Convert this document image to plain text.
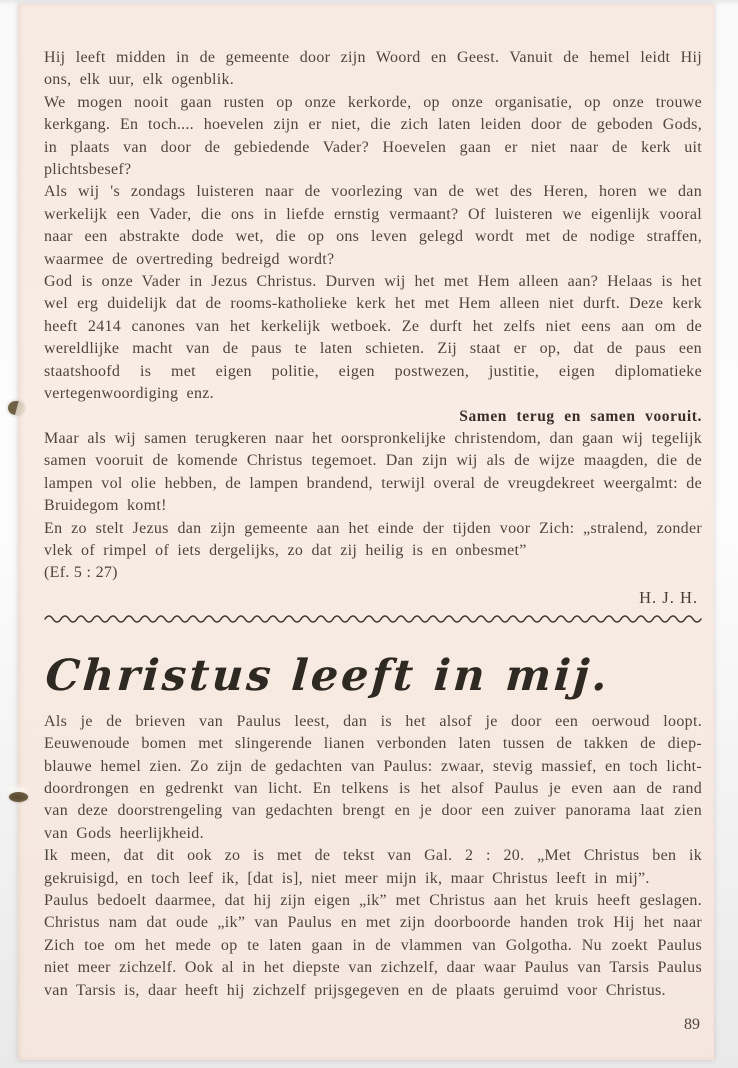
Hij leeft midden in de gemeente door zijn Woord en Geest. Vanuit de hemel leidt Hij ons, elk uur, elk ogenblik.

We mogen nooit gaan rusten op onze kerkorde, op onze organisatie, op onze trouwe kerkgang. En toch.... hoevelen zijn er niet, die zich laten leiden door de geboden Gods, in plaats van door de gebiedende Vader? Hoevelen gaan er niet naar de kerk uit plichtsbesef?

Als wij 's zondags luisteren naar de voorlezing van de wet des Heren, horen we dan werkelijk een Vader, die ons in liefde ernstig vermaant? Of luisteren we eigenlijk vooral naar een abstrakte dode wet, die op ons leven gelegd wordt met de nodige straffen, waarmee de overtreding bedreigd wordt?

God is onze Vader in Jezus Christus. Durven wij het met Hem alleen aan? Helaas is het wel erg duidelijk dat de rooms-katholieke kerk het met Hem alleen niet durft. Deze kerk heeft 2414 canones van het kerkelijk wetboek. Ze durft het zelfs niet eens aan om de wereldlijke macht van de paus te laten schieten. Zij staat er op, dat de paus een staatshoofd is met eigen politie, eigen postwezen, justitie, eigen diplomatieke vertegenwoordiging enz.

Samen terug en samen vooruit.

Maar als wij samen terugkeren naar het oorspronkelijke christendom, dan gaan wij tegelijk samen vooruit de komende Christus tegemoet. Dan zijn wij als de wijze maagden, die de lampen vol olie hebben, de lampen brandend, terwijl overal de vreugdekreet weergalmt: de Bruidegom komt!

En zo stelt Jezus dan zijn gemeente aan het einde der tijden voor Zich: „stralend, zonder vlek of rimpel of iets dergelijks, zo dat zij heilig is en onbesmet”

(Ef. 5 : 27)

H. J. H.
Christus leeft in mij.

Als je de brieven van Paulus leest, dan is het alsof je door een oerwoud loopt. Eeuwenoude bomen met slingerende lianen verbonden laten tussen de takken de diep-blauwe hemel zien. Zo zijn de gedachten van Paulus: zwaar, stevig massief, en toch licht-doordrongen en gedrenkt van licht. En telkens is het alsof Paulus je even aan de rand van deze doorstrengeling van gedachten brengt en je door een zuiver panorama laat zien van Gods heerlijkheid.

Ik meen, dat dit ook zo is met de tekst van Gal. 2 : 20. „Met Christus ben ik gekruisigd, en toch leef ik, [dat is], niet meer mijn ik, maar Christus leeft in mij”.

Paulus bedoelt daarmee, dat hij zijn eigen „ik” met Christus aan het kruis heeft geslagen. Christus nam dat oude „ik” van Paulus en met zijn doorboorde handen trok Hij het naar Zich toe om het mede op te laten gaan in de vlammen van Golgotha. Nu zoekt Paulus niet meer zichzelf. Ook al in het diepste van zichzelf, daar waar Paulus van Tarsis Paulus van Tarsis is, daar heeft hij zichzelf prijsgegeven en de plaats geruimd voor Christus.

89
